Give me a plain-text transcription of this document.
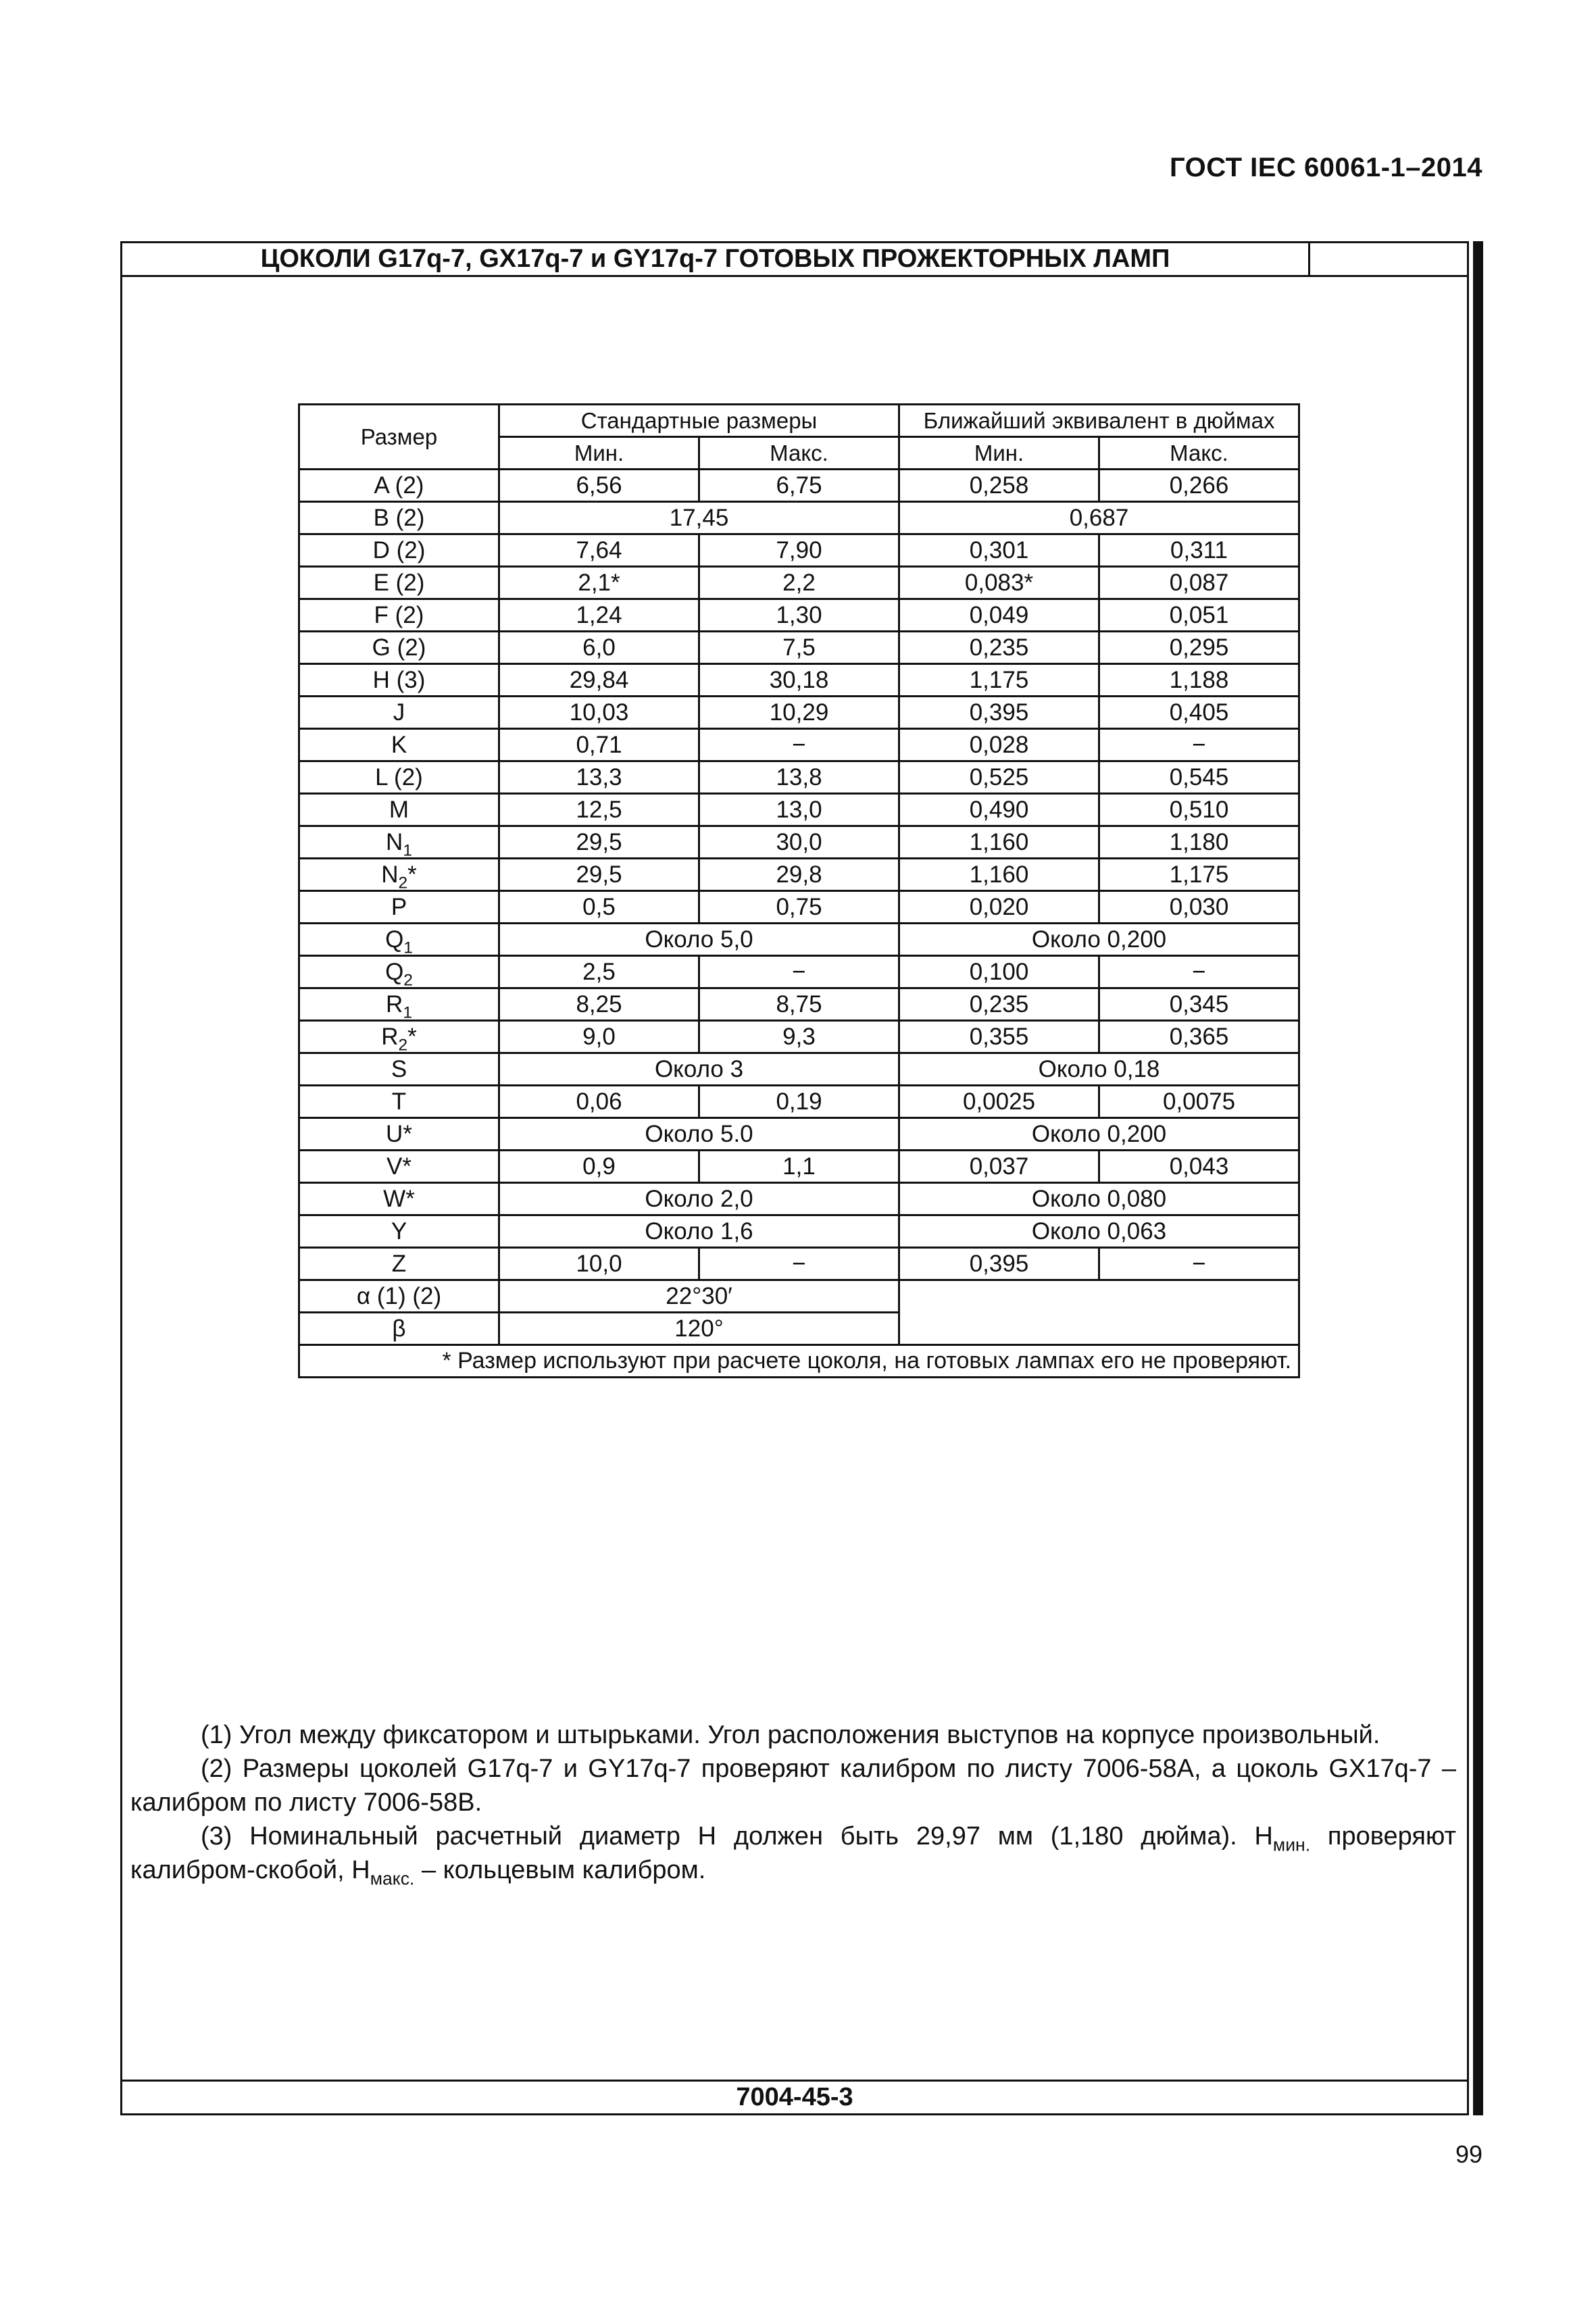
ГОСТ IEC 60061-1–2014
ЦОКОЛИ G17q-7, GX17q-7 и GY17q-7 ГОТОВЫХ ПРОЖЕКТОРНЫХ ЛАМП
Размер	Стандартные размеры		Ближайший эквивалент в дюймах	
	Мин.	Макс.	Мин.	Макс.
A (2)	6,56	6,75	0,258	0,266
B (2)	17,45		0,687	
D (2)	7,64	7,90	0,301	0,311
E (2)	2,1*	2,2	0,083*	0,087
F (2)	1,24	1,30	0,049	0,051
G (2)	6,0	7,5	0,235	0,295
H (3)	29,84	30,18	1,175	1,188
J	10,03	10,29	0,395	0,405
K	0,71	−	0,028	−
L (2)	13,3	13,8	0,525	0,545
M	12,5	13,0	0,490	0,510
$N_1$	29,5	30,0	1,160	1,180
$N_2*$	29,5	29,8	1,160	1,175
P	0,5	0,75	0,020	0,030
$Q_1$	Около 5,0		Около 0,200	
$Q_2$	2,5	−	0,100	−
$R_1$	8,25	8,75	0,235	0,345
$R_2*$	9,0	9,3	0,355	0,365
S	Около 3		Около 0,18	
T	0,06	0,19	0,0025	0,0075
U*	Около 5.0		Около 0,200	
V*	0,9	1,1	0,037	0,043
W*	Около 2,0		Около 0,080	
Y	Около 1,6		Около 0,063	
Z	10,0	−	0,395	−
α (1) (2)	22°30′			
β	120°			
* Размер используют при расчете цоколя, на готовых лампах его не проверяют.				

(1) Угол между фиксатором и штырьками. Угол расположения выступов на корпусе произвольный.

(2) Размеры цоколей G17q-7 и GY17q-7 проверяют калибром по листу 7006-58A, а цоколь GX17q-7 – калибром по листу 7006-58B.

(3) Номинальный расчетный диаметр H должен быть 29,97 мм (1,180 дюйма). $H_{мин.}$ проверяют калибром-скобой, $H_{макс.}$ – кольцевым калибром.

7004-45-3
99
